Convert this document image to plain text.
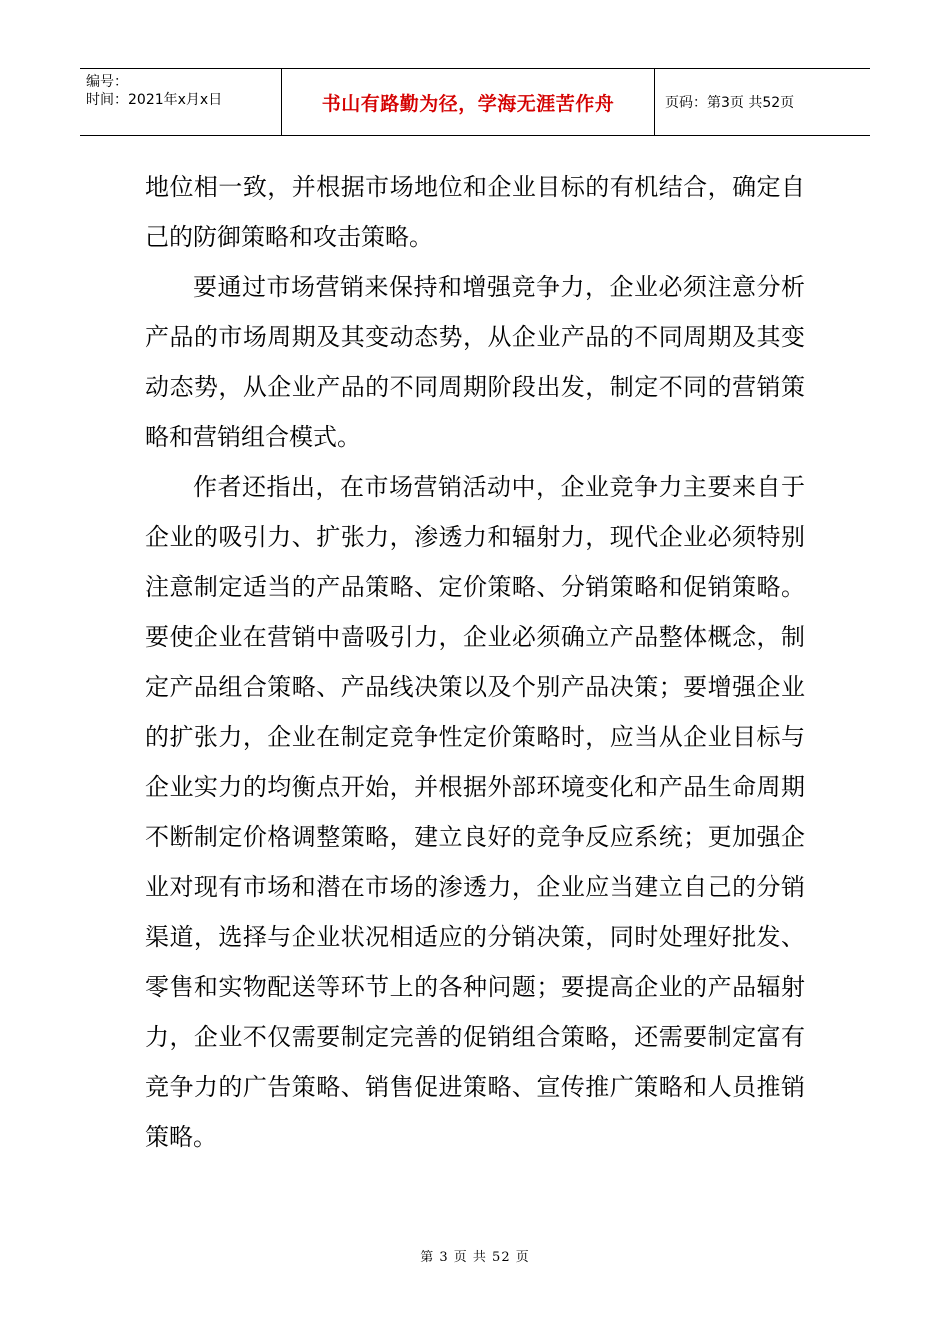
编号：
时间：2021年x月x日	书山有路勤为径，学海无涯苦作舟	页码：第3页 共52页

地位相一致，并根据市场地位和企业目标的有机结合，确定自己的防御策略和攻击策略。

要通过市场营销来保持和增强竞争力，企业必须注意分析产品的市场周期及其变动态势，从企业产品的不同周期及其变动态势，从企业产品的不同周期阶段出发，制定不同的营销策略和营销组合模式。

作者还指出，在市场营销活动中，企业竞争力主要来自于企业的吸引力、扩张力，渗透力和辐射力，现代企业必须特别注意制定适当的产品策略、定价策略、分销策略和促销策略。要使企业在营销中啬吸引力，企业必须确立产品整体概念，制定产品组合策略、产品线决策以及个别产品决策；要增强企业的扩张力，企业在制定竞争性定价策略时，应当从企业目标与企业实力的均衡点开始，并根据外部环境变化和产品生命周期不断制定价格调整策略，建立良好的竞争反应系统；更加强企业对现有市场和潜在市场的渗透力，企业应当建立自己的分销渠道，选择与企业状况相适应的分销决策，同时处理好批发、零售和实物配送等环节上的各种问题；要提高企业的产品辐射力，企业不仅需要制定完善的促销组合策略，还需要制定富有竞争力的广告策略、销售促进策略、宣传推广策略和人员推销策略。

第 3 页 共 52 页
